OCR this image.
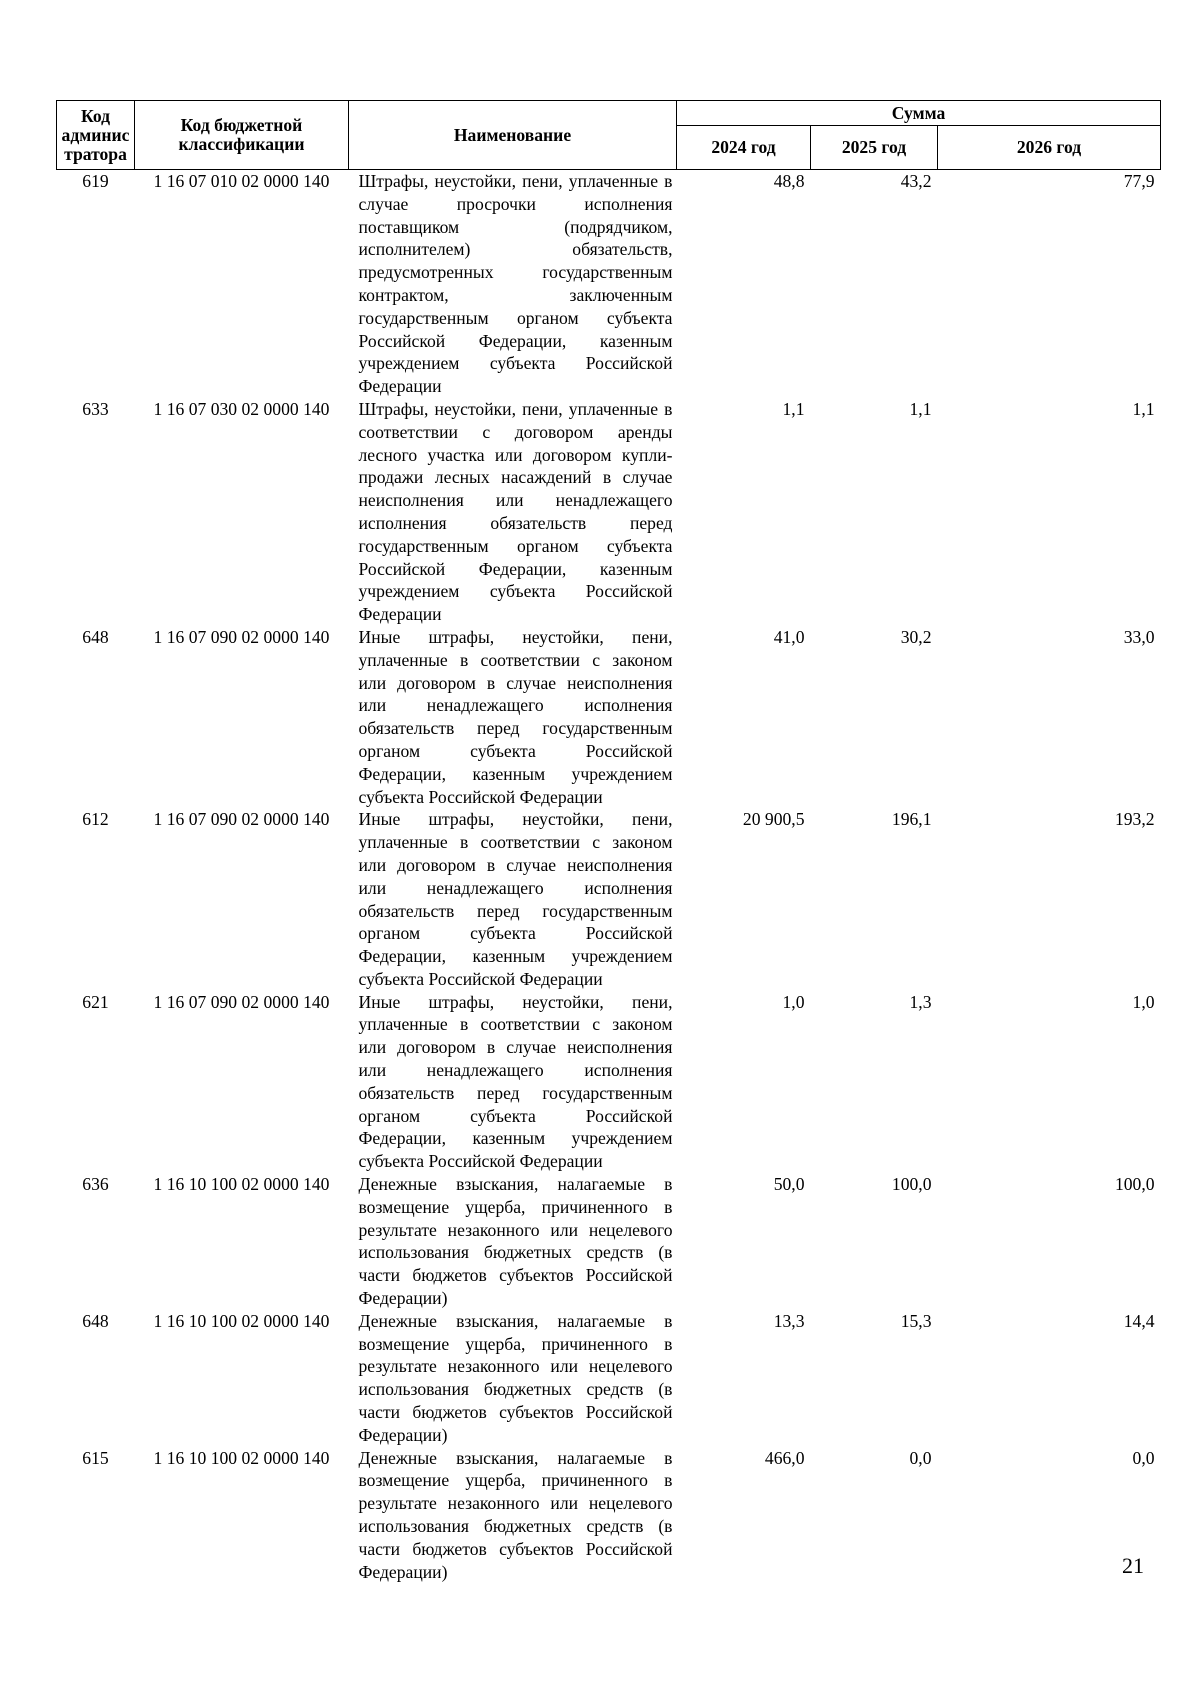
Код админис тратора	Код бюджетной классификации	Наименование	Сумма		
			2024 год	2025 год	2026 год
619	1 16 07 010 02 0000 140	Штрафы, неустойки, пени, уплаченные в случае просрочки исполнения поставщиком (подрядчиком, исполнителем) обязательств, предусмотренных государственным контрактом, заключенным государственным органом субъекта Российской Федерации, казенным учреждением субъекта Российской Федерации	48,8	43,2	77,9
633	1 16 07 030 02 0000 140	Штрафы, неустойки, пени, уплаченные в соответствии с договором аренды лесного участка или договором купли-продажи лесных насаждений в случае неисполнения или ненадлежащего исполнения обязательств перед государственным органом субъекта Российской Федерации, казенным учреждением субъекта Российской Федерации	1,1	1,1	1,1
648	1 16 07 090 02 0000 140	Иные штрафы, неустойки, пени, уплаченные в соответствии с законом или договором в случае неисполнения или ненадлежащего исполнения обязательств перед государственным органом субъекта Российской Федерации, казенным учреждением субъекта Российской Федерации	41,0	30,2	33,0
612	1 16 07 090 02 0000 140	Иные штрафы, неустойки, пени, уплаченные в соответствии с законом или договором в случае неисполнения или ненадлежащего исполнения обязательств перед государственным органом субъекта Российской Федерации, казенным учреждением субъекта Российской Федерации	20 900,5	196,1	193,2
621	1 16 07 090 02 0000 140	Иные штрафы, неустойки, пени, уплаченные в соответствии с законом или договором в случае неисполнения или ненадлежащего исполнения обязательств перед государственным органом субъекта Российской Федерации, казенным учреждением субъекта Российской Федерации	1,0	1,3	1,0
636	1 16 10 100 02 0000 140	Денежные взыскания, налагаемые в возмещение ущерба, причиненного в результате незаконного или нецелевого использования бюджетных средств (в части бюджетов субъектов Российской Федерации)	50,0	100,0	100,0
648	1 16 10 100 02 0000 140	Денежные взыскания, налагаемые в возмещение ущерба, причиненного в результате незаконного или нецелевого использования бюджетных средств (в части бюджетов субъектов Российской Федерации)	13,3	15,3	14,4
615	1 16 10 100 02 0000 140	Денежные взыскания, налагаемые в возмещение ущерба, причиненного в результате незаконного или нецелевого использования бюджетных средств (в части бюджетов субъектов Российской Федерации)	466,0	0,0	0,0
21
